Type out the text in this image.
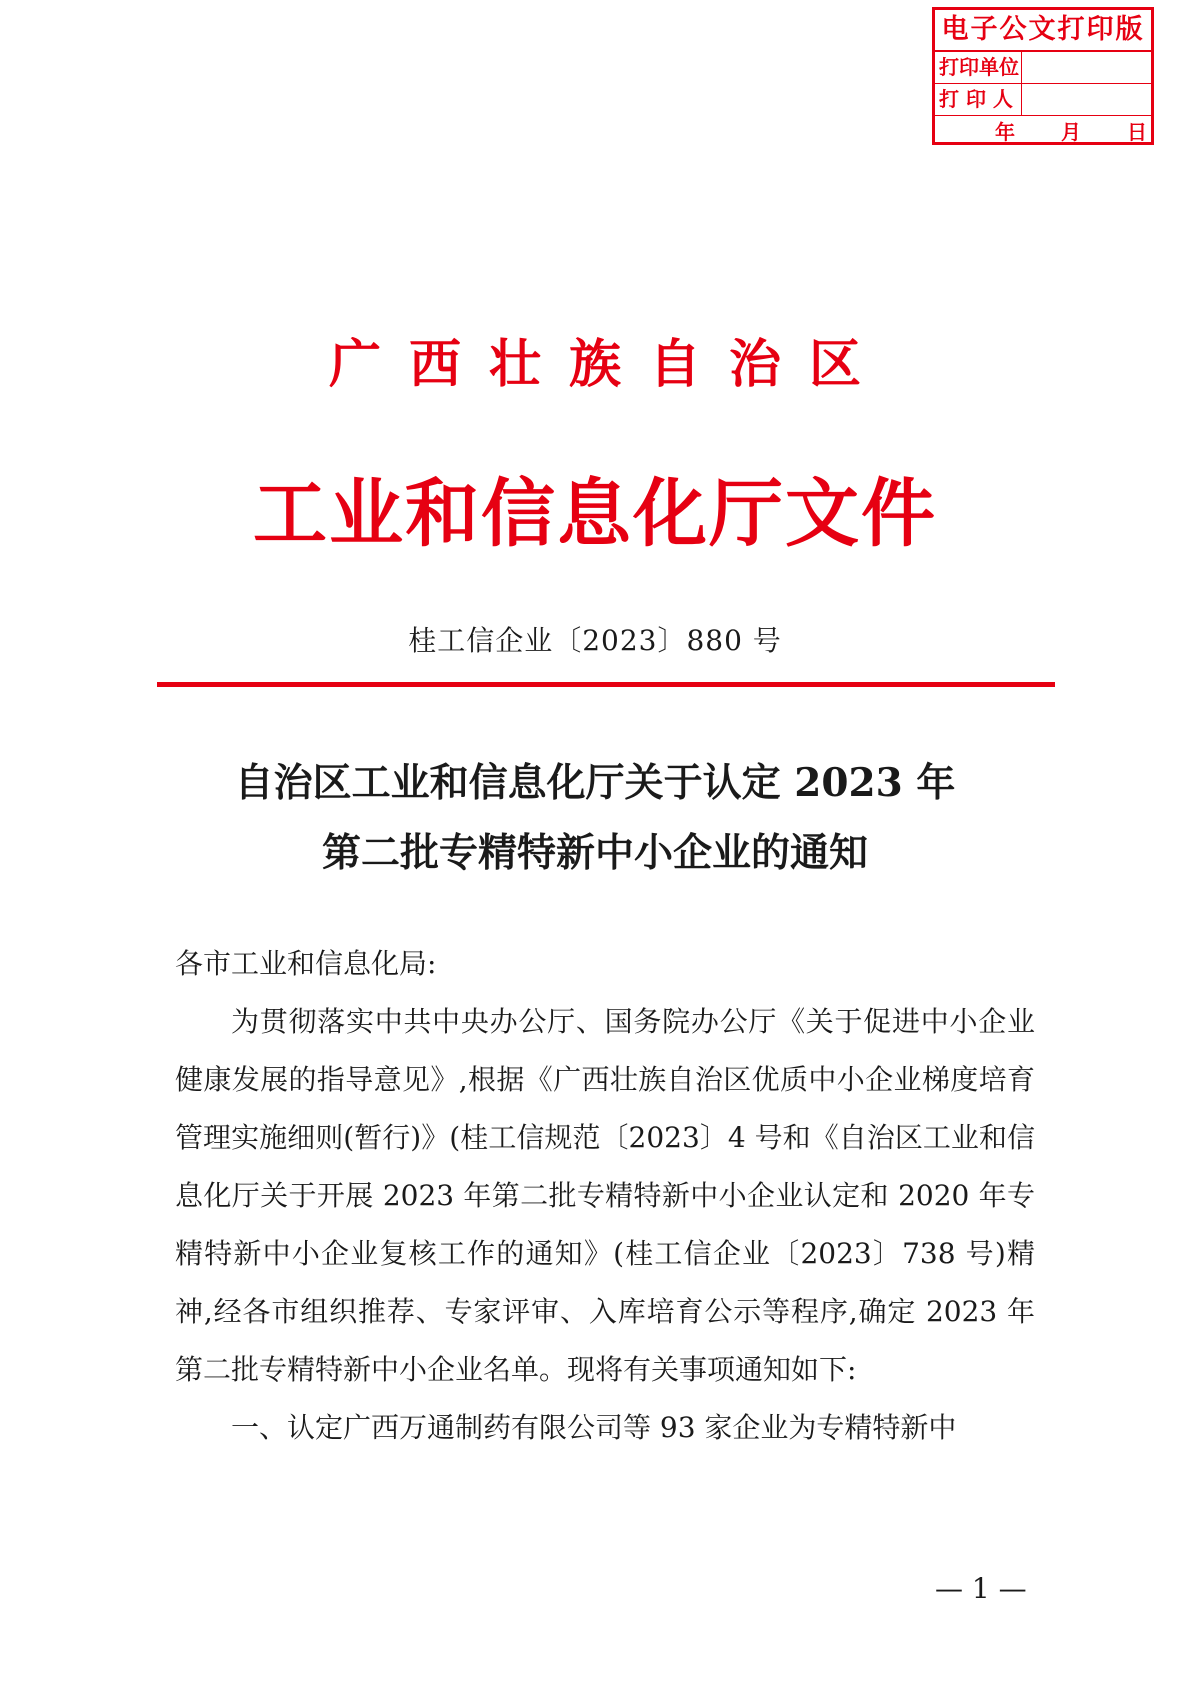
电子公文打印版
打印单位
打 印 人
年 月 日
广西壮族自治区
工业和信息化厅文件
桂工信企业〔2023〕880 号
自治区工业和信息化厅关于认定 2023 年
第二批专精特新中小企业的通知

各市工业和信息化局:

为贯彻落实中共中央办公厅、国务院办公厅《关于促进中小企业健康发展的指导意见》,根据《广西壮族自治区优质中小企业梯度培育管理实施细则(暂行)》(桂工信规范〔2023〕4 号和《自治区工业和信息化厅关于开展 2023 年第二批专精特新中小企业认定和 2020 年专精特新中小企业复核工作的通知》(桂工信企业〔2023〕738 号)精神,经各市组织推荐、专家评审、入库培育公示等程序,确定 2023 年第二批专精特新中小企业名单。现将有关事项通知如下:

一、认定广西万通制药有限公司等 93 家企业为专精特新中

— 1 —
